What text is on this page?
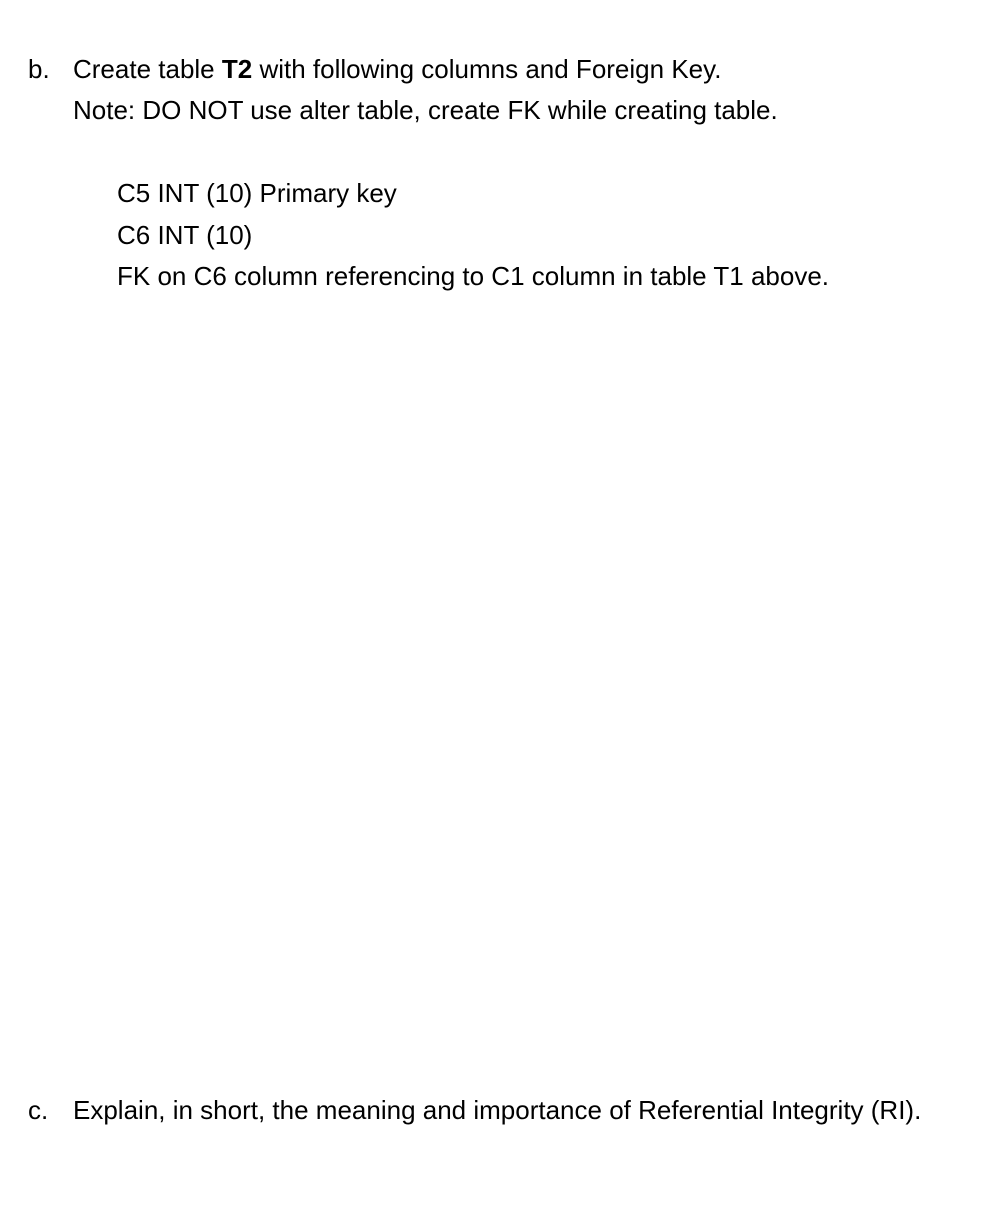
b. Create table T2 with following columns and Foreign Key.
Note: DO NOT use alter table, create FK while creating table.
C5 INT (10) Primary key
C6 INT (10)
FK on C6 column referencing to C1 column in table T1 above.
c. Explain, in short, the meaning and importance of Referential Integrity (RI).
